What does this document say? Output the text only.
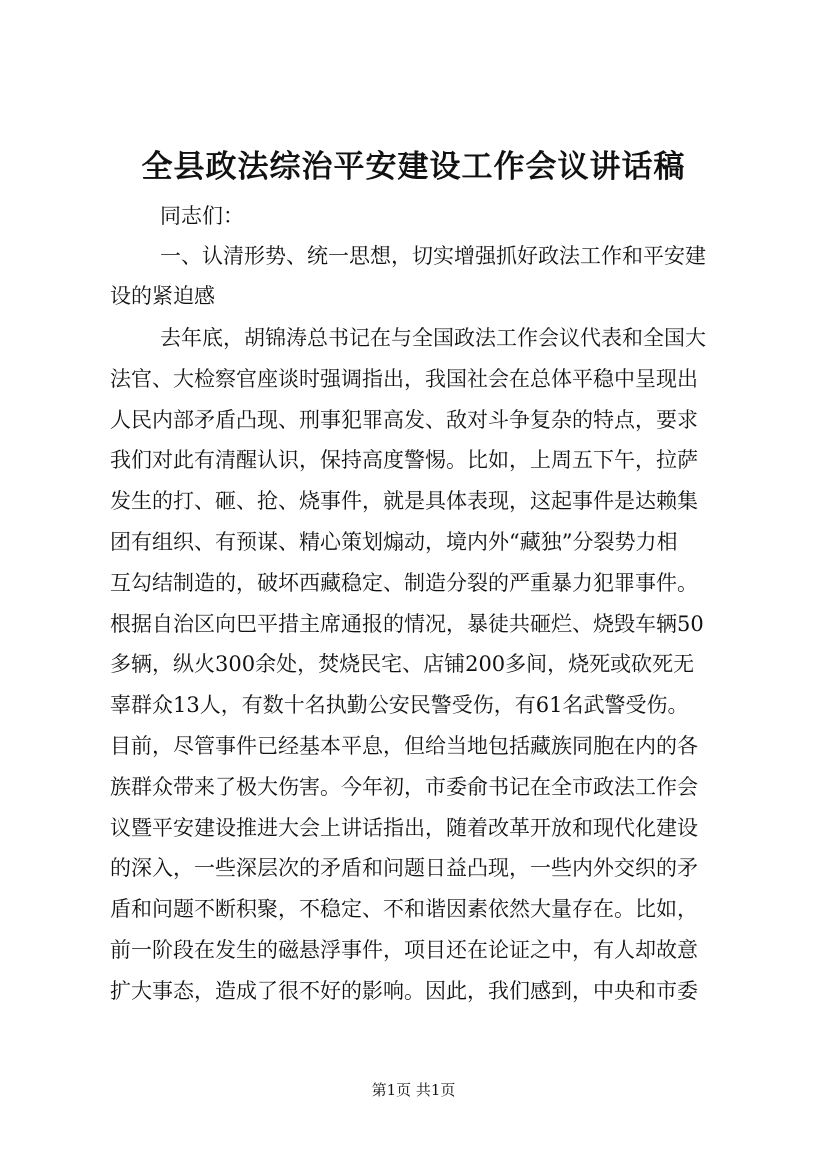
全县政法综治平安建设工作会议讲话稿
同志们：
一、认清形势、统一思想，切实增强抓好政法工作和平安建
设的紧迫感
去年底，胡锦涛总书记在与全国政法工作会议代表和全国大
法官、大检察官座谈时强调指出，我国社会在总体平稳中呈现出
人民内部矛盾凸现、刑事犯罪高发、敌对斗争复杂的特点，要求
我们对此有清醒认识，保持高度警惕。比如，上周五下午，拉萨
发生的打、砸、抢、烧事件，就是具体表现，这起事件是达赖集
团有组织、有预谋、精心策划煽动，境内外“藏独”分裂势力相
互勾结制造的，破坏西藏稳定、制造分裂的严重暴力犯罪事件。
根据自治区向巴平措主席通报的情况，暴徒共砸烂、烧毁车辆50
多辆，纵火300余处，焚烧民宅、店铺200多间，烧死或砍死无
辜群众13人，有数十名执勤公安民警受伤，有61名武警受伤。
目前，尽管事件已经基本平息，但给当地包括藏族同胞在内的各
族群众带来了极大伤害。今年初，市委俞书记在全市政法工作会
议暨平安建设推进大会上讲话指出，随着改革开放和现代化建设
的深入，一些深层次的矛盾和问题日益凸现，一些内外交织的矛
盾和问题不断积聚，不稳定、不和谐因素依然大量存在。比如，
前一阶段在发生的磁悬浮事件，项目还在论证之中，有人却故意
扩大事态，造成了很不好的影响。因此，我们感到，中央和市委
第1页 共1页
